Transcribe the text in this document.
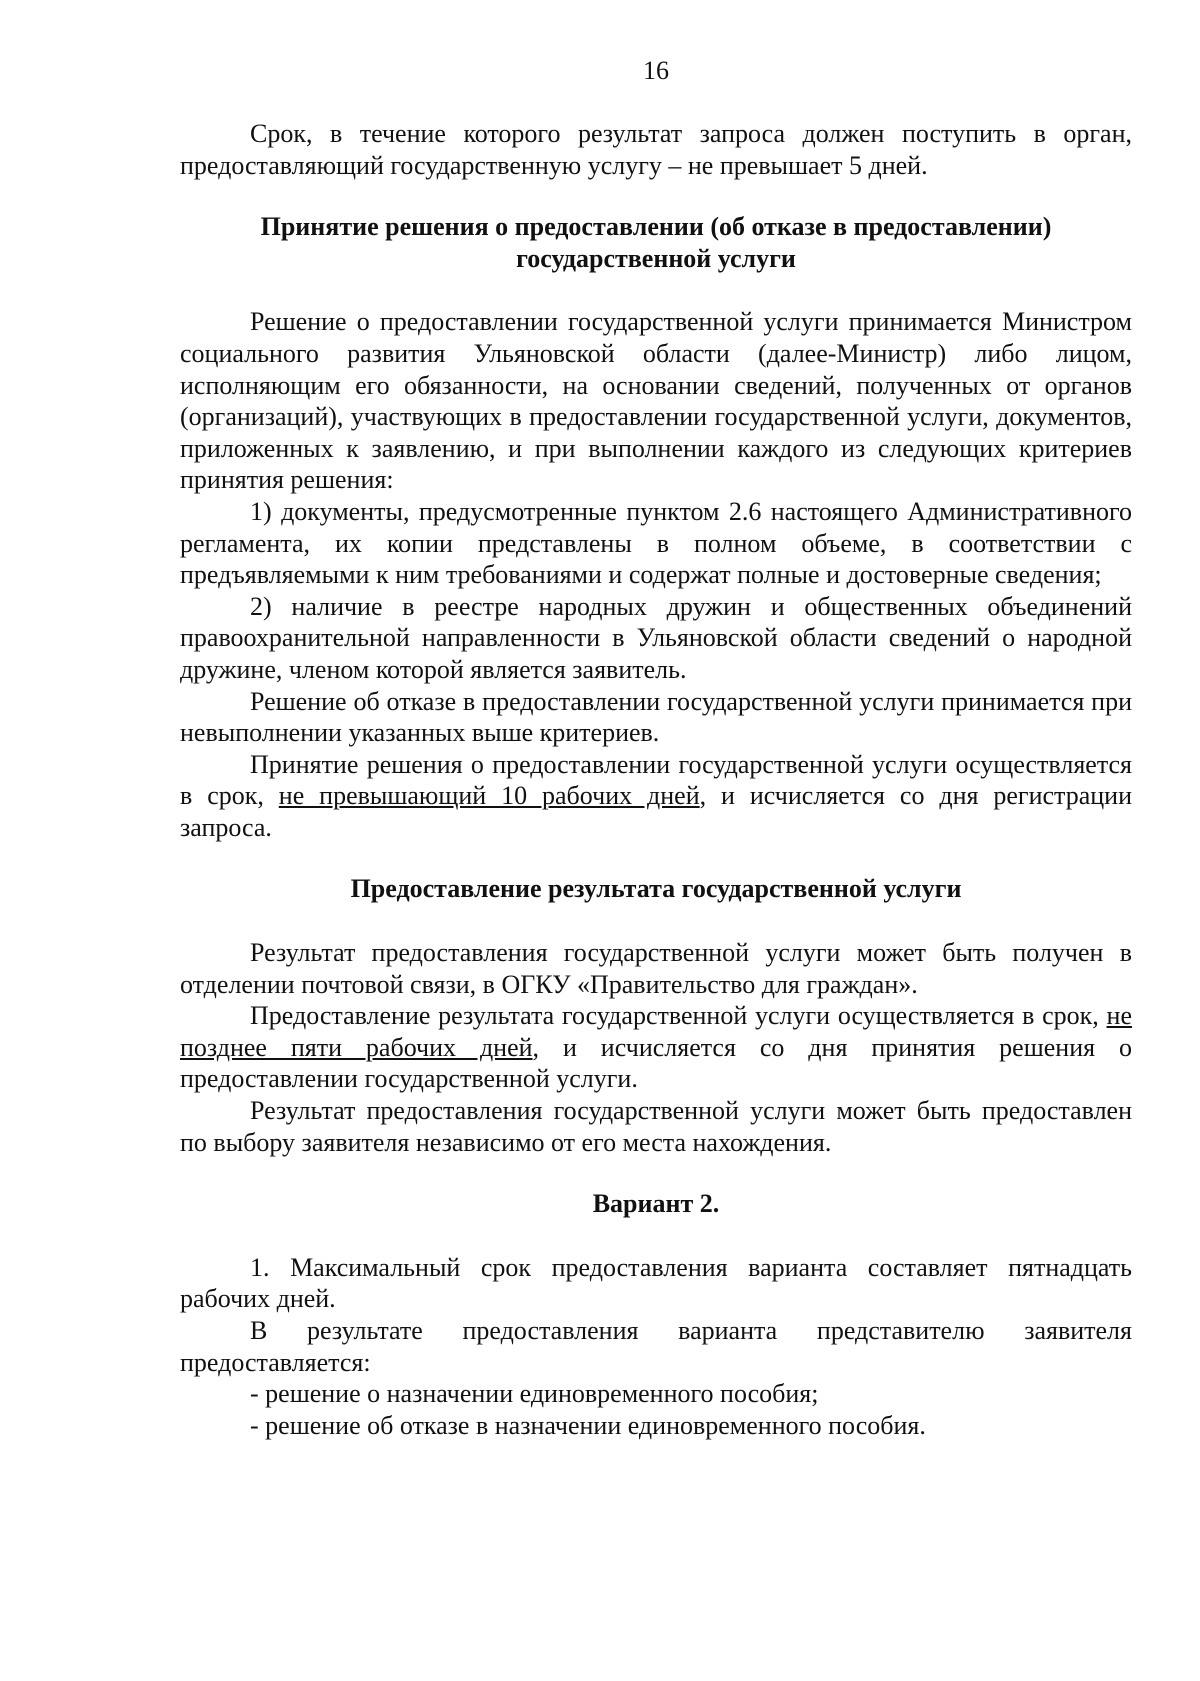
16

Срок, в течение которого результат запроса должен поступить в орган, предоставляющий государственную услугу – не превышает 5 дней.

Принятие решения о предоставлении (об отказе в предоставлении)
государственной услуги

Решение о предоставлении государственной услуги принимается Министром социального развития Ульяновской области (далее-Министр) либо лицом, исполняющим его обязанности, на основании сведений, полученных от органов (организаций), участвующих в предоставлении государственной услуги, документов, приложенных к заявлению, и при выполнении каждого из следующих критериев принятия решения:

1) документы, предусмотренные пунктом 2.6 настоящего Административного регламента, их копии представлены в полном объеме, в соответствии с предъявляемыми к ним требованиями и содержат полные и достоверные сведения;

2) наличие в реестре народных дружин и общественных объединений правоохранительной направленности в Ульяновской области сведений о народной дружине, членом которой является заявитель.

Решение об отказе в предоставлении государственной услуги принимается при невыполнении указанных выше критериев.

Принятие решения о предоставлении государственной услуги осуществляется в срок, не превышающий 10 рабочих дней, и исчисляется со дня регистрации запроса.

Предоставление результата государственной услуги

Результат предоставления государственной услуги может быть получен в отделении почтовой связи, в ОГКУ «Правительство для граждан».

Предоставление результата государственной услуги осуществляется в срок, не позднее пяти рабочих дней, и исчисляется со дня принятия решения о предоставлении государственной услуги.

Результат предоставления государственной услуги может быть предоставлен по выбору заявителя независимо от его места нахождения.

Вариант 2.

1. Максимальный срок предоставления варианта составляет пятнадцать рабочих дней.

В результате предоставления варианта представителю заявителя предоставляется:

- решение о назначении единовременного пособия;

- решение об отказе в назначении единовременного пособия.
